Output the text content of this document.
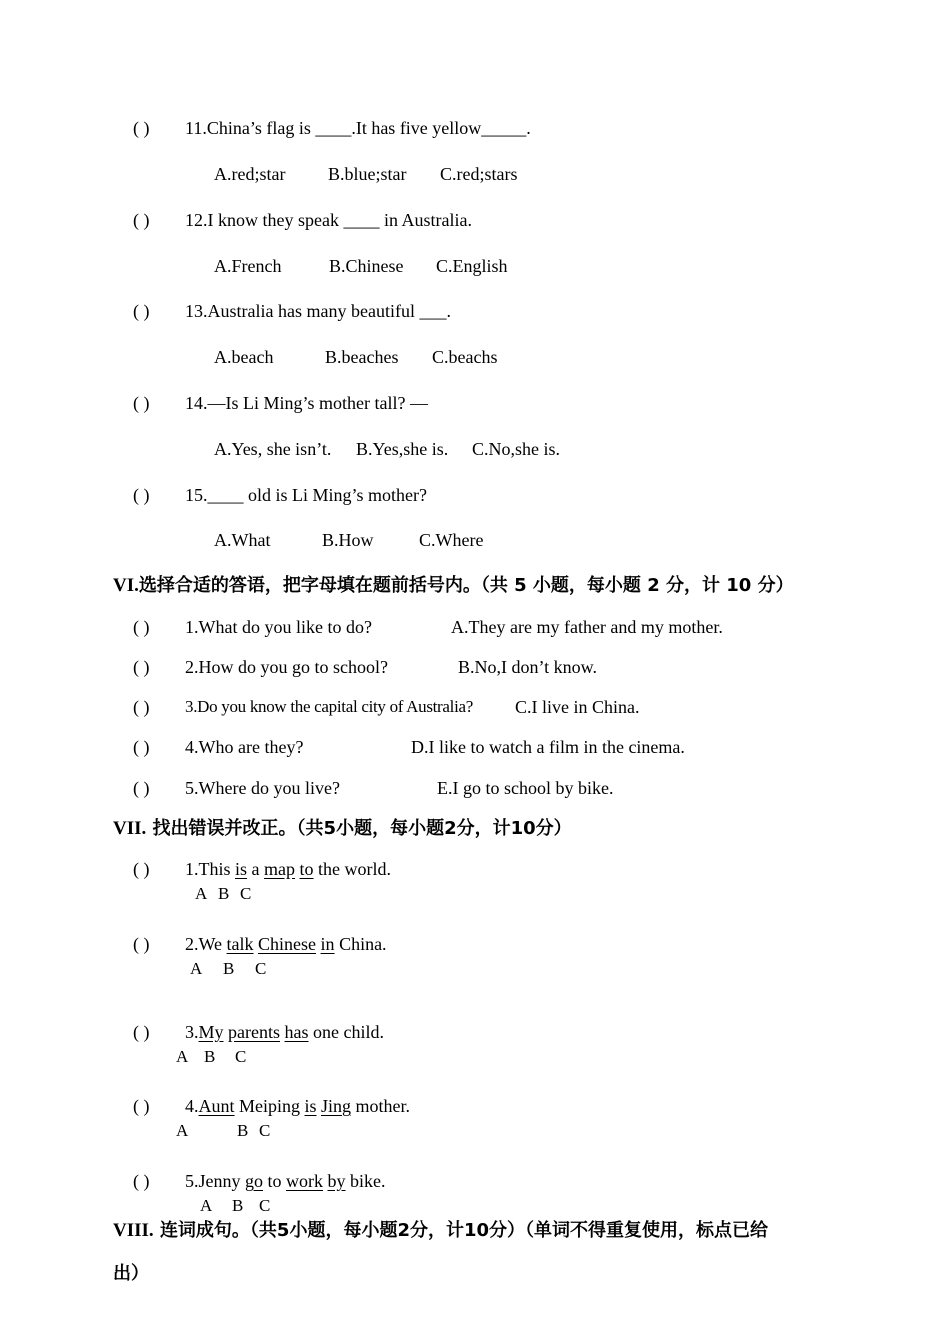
( ) 11.China’s flag is ____.It has five yellow_____.
A.red;star B.blue;star C.red;stars
( ) 12.I know they speak ____ in Australia.
A.French	B.Chinese C.English
( ) 13.Australia has many beautiful ___.
A.beach	B.beaches C.beachs
( ) 14.—Is Li Ming’s mother tall? —
A.Yes, she isn’t. B.Yes,she is. C.No,she is.
( ) 15.____ old is Li Ming’s mother?
A.What	B.How	C.Where
VI.选择合适的答语，把字母填在题前括号内。（共 5 小题，每小题 2 分，计 10 分）
( ) 1.What do you like to do?	A.They are my father and my mother.
( ) 2.How do you go to school?	B.No,I don’t know.
( ) 3.Do you know the capital city of Australia? C.I live in China.
( ) 4.Who are they?	D.I like to watch a film in the cinema.
( ) 5.Where do you live?	E.I go to school by bike.
VII. 找出错误并改正。（共5小题，每小题2分，计10分）
( ) 1.This is a map to the world.
A B C
( ) 2.We talk Chinese in China.
A B C
( ) 3.My parents has one child.
A B C
( ) 4.Aunt Meiping is Jing mother.
A	B C
( ) 5.Jenny go to work by bike.
A B C
VIII. 连词成句。（共5小题，每小题2分，计10分）（单词不得重复使用，标点已给
出）
